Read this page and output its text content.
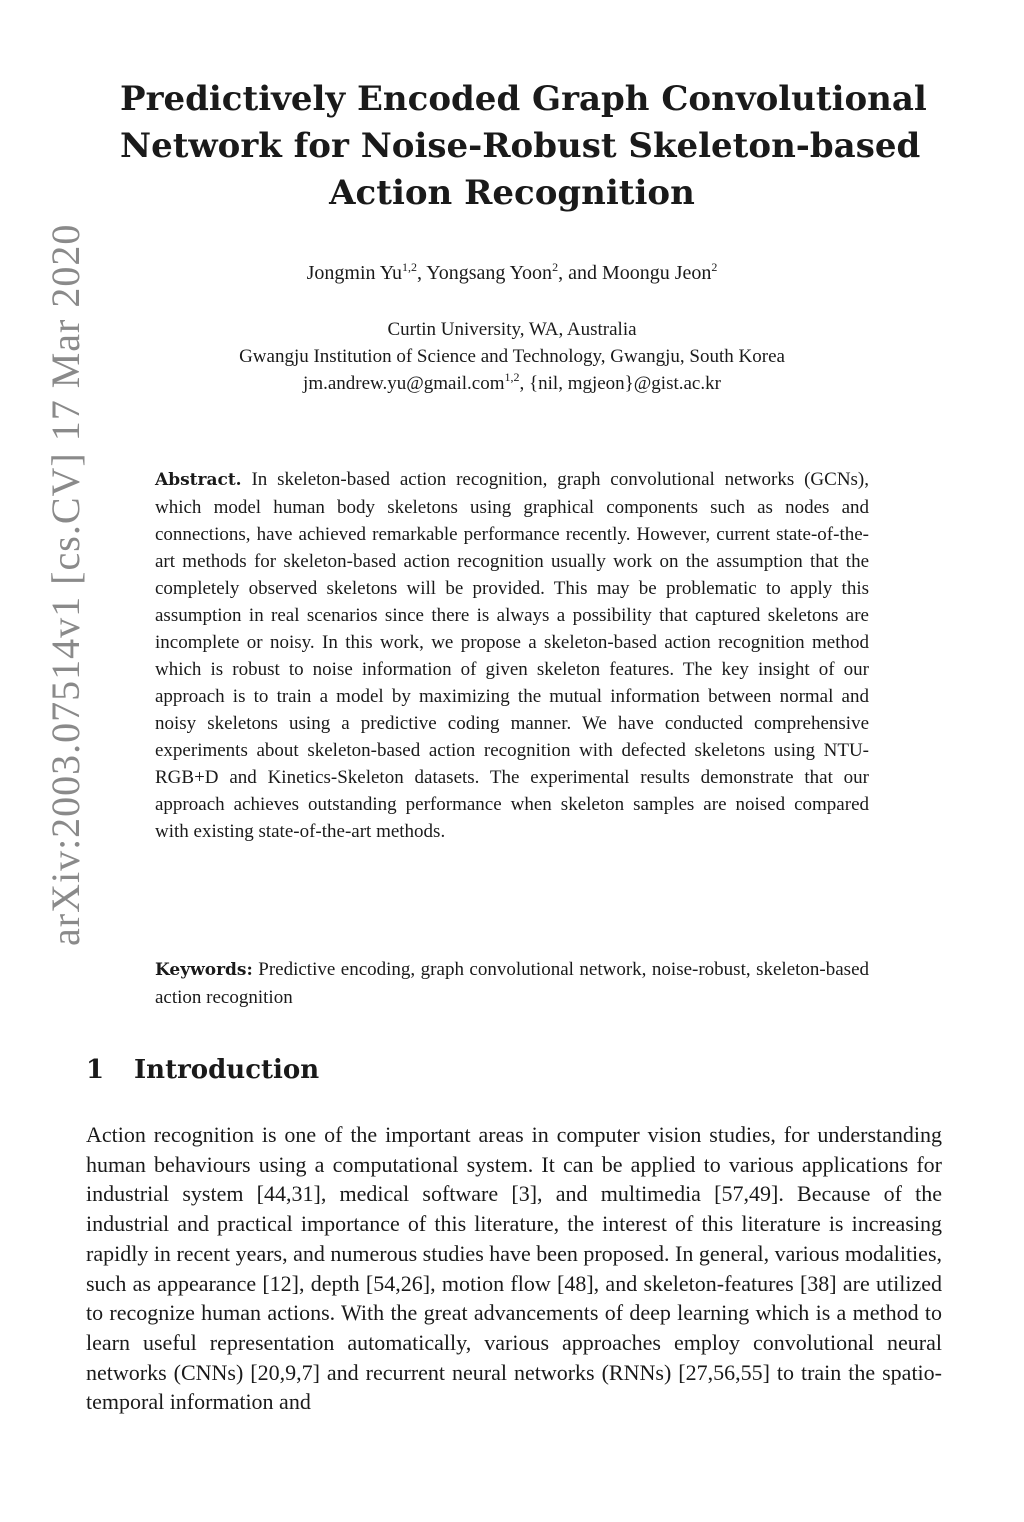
arXiv:2003.07514v1 [cs.CV] 17 Mar 2020
Predictively Encoded Graph Convolutional
Network for Noise-Robust Skeleton-based
Action Recognition
Jongmin Yu$^{1,2}$, Yongsang Yoon$^2$, and Moongu Jeon$^2$
Curtin University, WA, Australia
Gwangju Institution of Science and Technology, Gwangju, South Korea
jm.andrew.yu@gmail.com$^{1,2}$, {nil, mgjeon}@gist.ac.kr
Abstract. In skeleton-based action recognition, graph convolutional networks (GCNs), which model human body skeletons using graphical components such as nodes and connections, have achieved remarkable performance recently. However, current state-of-the-art methods for skeleton-based action recognition usually work on the assumption that the completely observed skeletons will be provided. This may be problematic to apply this assumption in real scenarios since there is always a possibility that captured skeletons are incomplete or noisy. In this work, we propose a skeleton-based action recognition method which is robust to noise information of given skeleton features. The key insight of our approach is to train a model by maximizing the mutual information between normal and noisy skeletons using a predictive coding manner. We have conducted comprehensive experiments about skeleton-based action recognition with defected skeletons using NTU-RGB+D and Kinetics-Skeleton datasets. The experimental results demonstrate that our approach achieves outstanding performance when skeleton samples are noised compared with existing state-of-the-art methods.
Keywords: Predictive encoding, graph convolutional network, noise-robust, skeleton-based action recognition
1 Introduction
Action recognition is one of the important areas in computer vision studies, for understanding human behaviours using a computational system. It can be applied to various applications for industrial system [44,31], medical software [3], and multimedia [57,49]. Because of the industrial and practical importance of this literature, the interest of this literature is increasing rapidly in recent years, and numerous studies have been proposed. In general, various modalities, such as appearance [12], depth [54,26], motion flow [48], and skeleton-features [38] are utilized to recognize human actions. With the great advancements of deep learning which is a method to learn useful representation automatically, various approaches employ convolutional neural networks (CNNs) [20,9,7] and recurrent neural networks (RNNs) [27,56,55] to train the spatio-temporal information and
